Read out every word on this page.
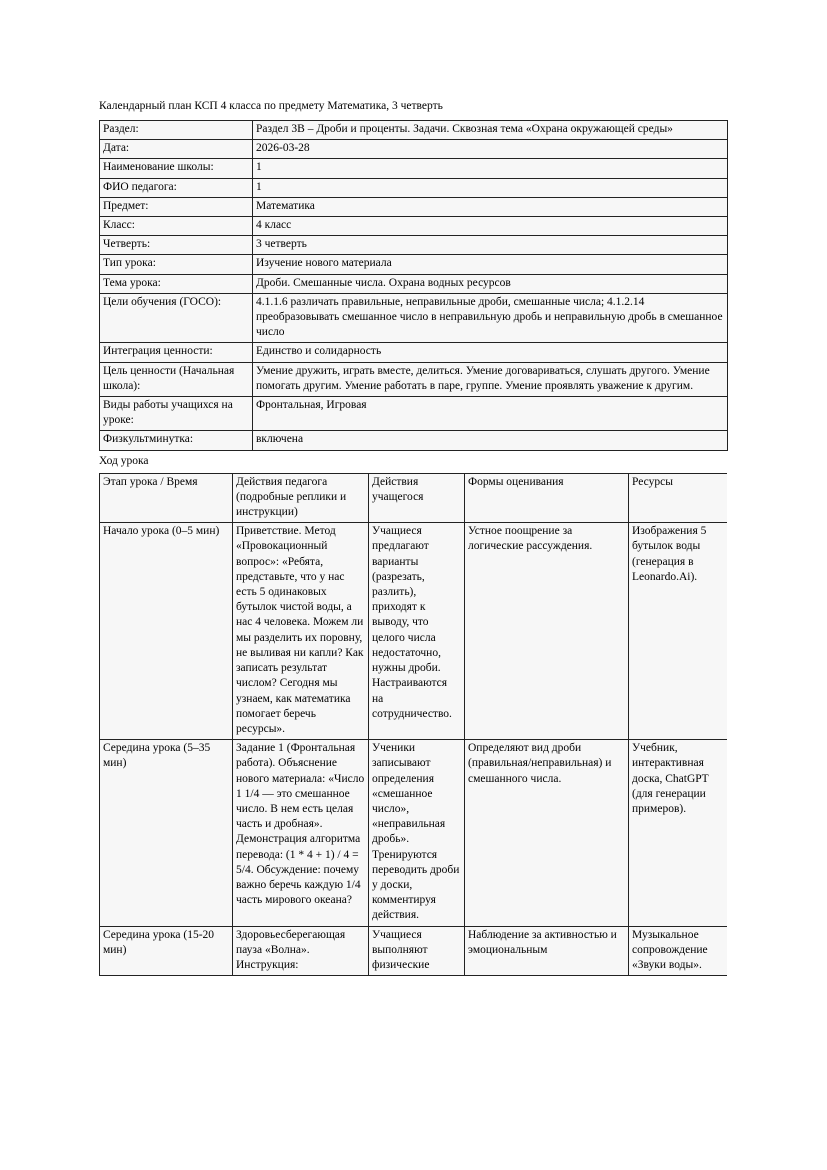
Календарный план КСП 4 класса по предмету Математика, 3 четверть

Раздел:	Раздел 3В – Дроби и проценты. Задачи. Сквозная тема «Охрана окружающей среды»
Дата:	2026-03-28
Наименование школы:	1
ФИО педагога:	1
Предмет:	Математика
Класс:	4 класс
Четверть:	3 четверть
Тип урока:	Изучение нового материала
Тема урока:	Дроби. Смешанные числа. Охрана водных ресурсов
Цели обучения (ГОСО):	4.1.1.6 различать правильные, неправильные дроби, смешанные числа; 4.1.2.14 преобразовывать смешанное число в неправильную дробь и неправильную дробь в смешанное число
Интеграция ценности:	Единство и солидарность
Цель ценности (Начальная школа):	Умение дружить, играть вместе, делиться. Умение договариваться, слушать другого. Умение помогать другим. Умение работать в паре, группе. Умение проявлять уважение к другим.
Виды работы учащихся на уроке:	Фронтальная, Игровая
Физкультминутка:	включена

Ход урока

Этап урока / Время	Действия педагога (подробные реплики и инструкции)	Действия учащегося	Формы оценивания	Ресурсы
Начало урока (0–5 мин)	Приветствие. Метод «Провокационный вопрос»: «Ребята, представьте, что у нас есть 5 одинаковых бутылок чистой воды, а нас 4 человека. Можем ли мы разделить их поровну, не выливая ни капли? Как записать результат числом? Сегодня мы узнаем, как математика помогает беречь ресурсы».	Учащиеся предлагают варианты (разрезать, разлить), приходят к выводу, что целого числа недостаточно, нужны дроби. Настраиваются на сотрудничество.	Устное поощрение за логические рассуждения.	Изображения 5 бутылок воды (генерация в Leonardo.Ai).
Середина урока (5–35 мин)	Задание 1 (Фронтальная работа). Объяснение нового материала: «Число 1 1/4 — это смешанное число. В нем есть целая часть и дробная». Демонстрация алгоритма перевода: (1 * 4 + 1) / 4 = 5/4. Обсуждение: почему важно беречь каждую 1/4 часть мирового океана?	Ученики записывают определения «смешанное число», «неправильная дробь». Тренируются переводить дроби у доски, комментируя действия.	Определяют вид дроби (правильная/неправильная) и смешанного числа.	Учебник, интерактивная доска, ChatGPT (для генерации примеров).
Середина урока (15-20 мин)	Здоровьесберегающая пауза «Волна». Инструкция:	Учащиеся выполняют физические	Наблюдение за активностью и эмоциональным	Музыкальное сопровождение «Звуки воды».
